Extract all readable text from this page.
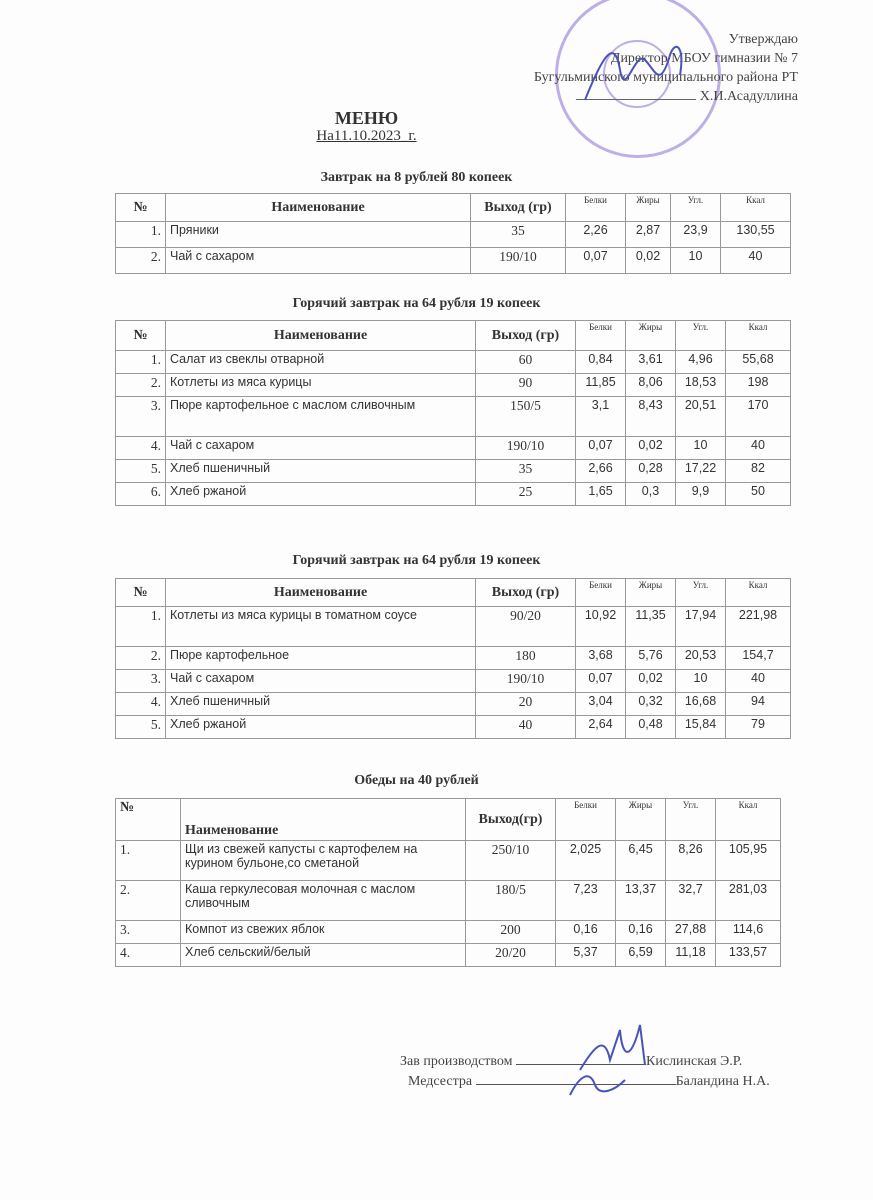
Утверждаю
Директор МБОУ гимназии № 7
Бугульминского муниципального района РТ
Х.И.Асадуллина
МЕНЮ
На11.10.2023_г.
Завтрак на 8 рублей 80 копеек
№	Наименование	Выход (гр)	Белки	Жиры	Угл.	Ккал
1.	Пряники	35	2,26	2,87	23,9	130,55
2.	Чай с сахаром	190/10	0,07	0,02	10	40
Горячий завтрак на 64 рубля 19 копеек
№	Наименование	Выход (гр)	Белки	Жиры	Угл.	Ккал
1.	Салат из свеклы отварной	60	0,84	3,61	4,96	55,68
2.	Котлеты из мяса курицы	90	11,85	8,06	18,53	198
3.	Пюре картофельное с маслом сливочным	150/5	3,1	8,43	20,51	170
4.	Чай с сахаром	190/10	0,07	0,02	10	40
5.	Хлеб пшеничный	35	2,66	0,28	17,22	82
6.	Хлеб ржаной	25	1,65	0,3	9,9	50
Горячий завтрак на 64 рубля 19 копеек
№	Наименование	Выход (гр)	Белки	Жиры	Угл.	Ккал
1.	Котлеты из мяса курицы в томатном соусе	90/20	10,92	11,35	17,94	221,98
2.	Пюре картофельное	180	3,68	5,76	20,53	154,7
3.	Чай с сахаром	190/10	0,07	0,02	10	40
4.	Хлеб пшеничный	20	3,04	0,32	16,68	94
5.	Хлеб ржаной	40	2,64	0,48	15,84	79
Обеды на 40 рублей
№	Наименование	Выход(гр)	Белки	Жиры	Угл.	Ккал
1.	Щи из свежей капусты с картофелем на курином бульоне,со сметаной	250/10	2,025	6,45	8,26	105,95
2.	Каша геркулесовая молочная с маслом сливочным	180/5	7,23	13,37	32,7	281,03
3.	Компот из свежих яблок	200	0,16	0,16	27,88	114,6
4.	Хлеб сельский/белый	20/20	5,37	6,59	11,18	133,57
Зав производством	Кислинская Э.Р.
Медсестра	Баландина Н.А.
